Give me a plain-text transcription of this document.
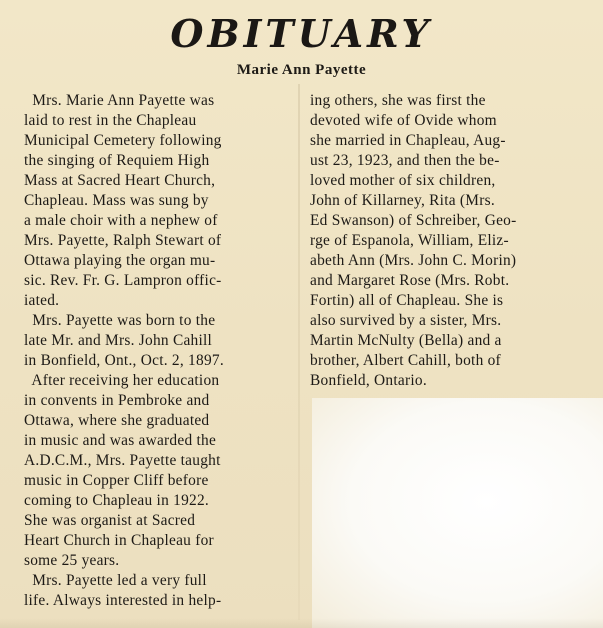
OBITUARY
Marie Ann Payette
Mrs. Marie Ann Payette was
laid to rest in the Chapleau
Municipal Cemetery following
the singing of Requiem High
Mass at Sacred Heart Church,
Chapleau. Mass was sung by
a male choir with a nephew of
Mrs. Payette, Ralph Stewart of
Ottawa playing the organ mu-
sic. Rev. Fr. G. Lampron offic-
iated.
Mrs. Payette was born to the
late Mr. and Mrs. John Cahill
in Bonfield, Ont., Oct. 2, 1897.
After receiving her education
in convents in Pembroke and
Ottawa, where she graduated
in music and was awarded the
A.D.C.M., Mrs. Payette taught
music in Copper Cliff before
coming to Chapleau in 1922.
She was organist at Sacred
Heart Church in Chapleau for
some 25 years.
Mrs. Payette led a very full
life. Always interested in help-
ing others, she was first the
devoted wife of Ovide whom
she married in Chapleau, Aug-
ust 23, 1923, and then the be-
loved mother of six children,
John of Killarney, Rita (Mrs.
Ed Swanson) of Schreiber, Geo-
rge of Espanola, William, Eliz-
abeth Ann (Mrs. John C. Morin)
and Margaret Rose (Mrs. Robt.
Fortin) all of Chapleau. She is
also survived by a sister, Mrs.
Martin McNulty (Bella) and a
brother, Albert Cahill, both of
Bonfield, Ontario.
